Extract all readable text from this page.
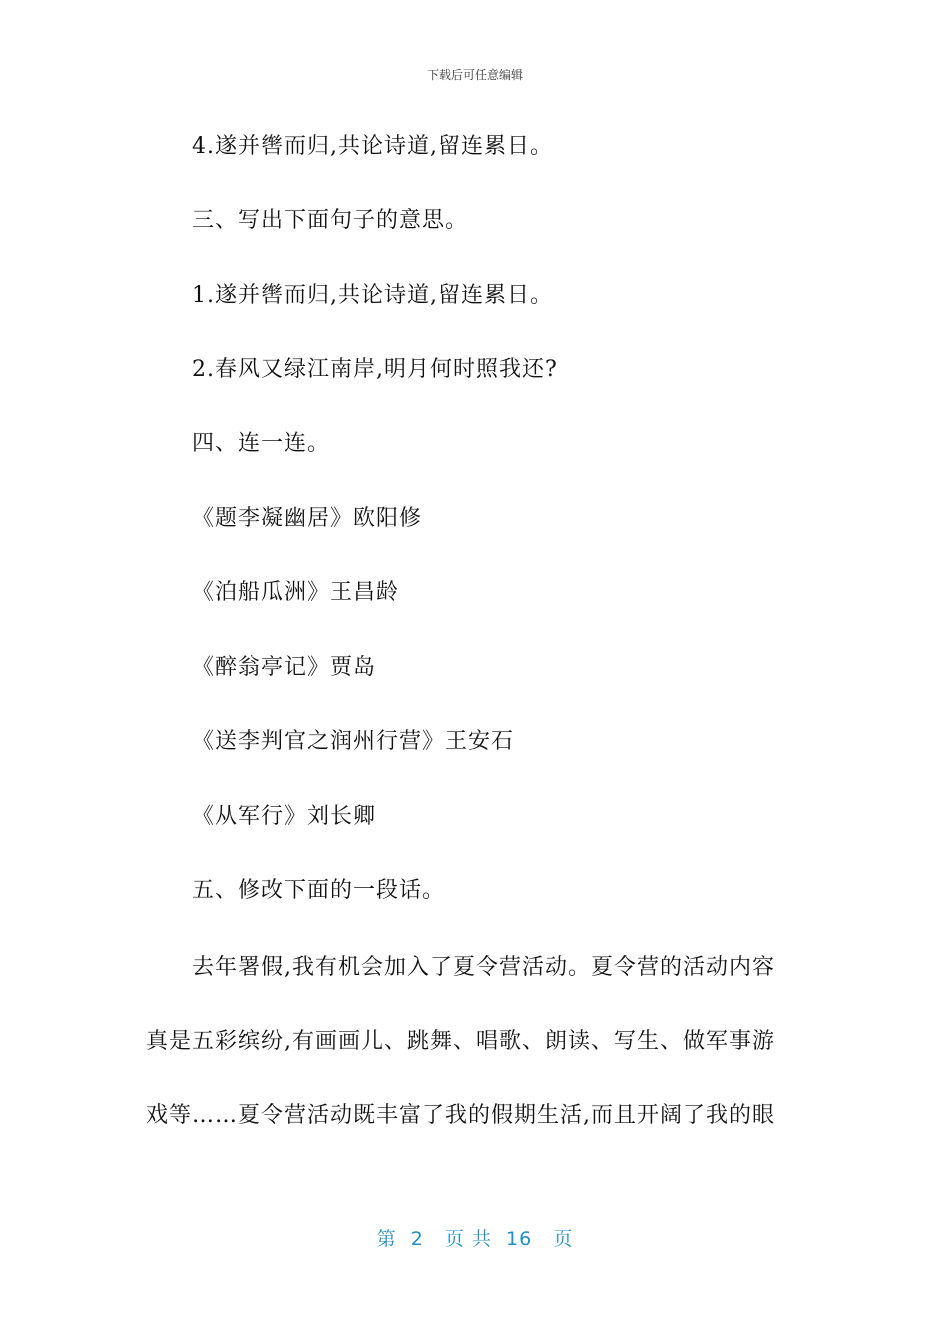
下载后可任意编辑
4.遂并辔而归,共论诗道,留连累日。
三、写出下面句子的意思。
1.遂并辔而归,共论诗道,留连累日。
2.春风又绿江南岸,明月何时照我还?
四、连一连。
《题李凝幽居》欧阳修
《泊船瓜洲》王昌龄
《醉翁亭记》贾岛
《送李判官之润州行营》王安石
《从军行》刘长卿
五、修改下面的一段话。
去年署假,我有机会加入了夏令营活动。夏令营的活动内容
真是五彩缤纷,有画画儿、跳舞、唱歌、朗读、写生、做军事游
戏等……夏令营活动既丰富了我的假期生活,而且开阔了我的眼
第  2   页 共  16   页
